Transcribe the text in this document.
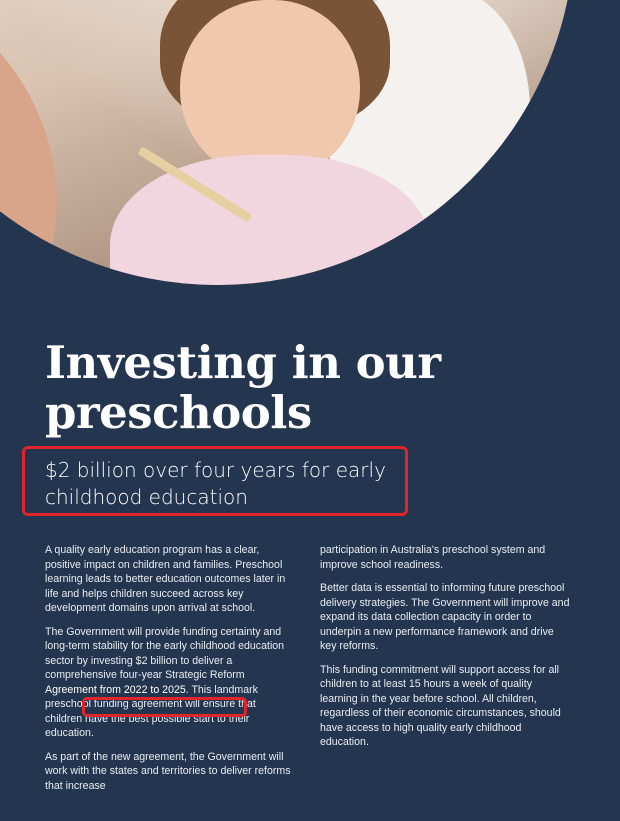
Investing in our
preschools

$2 billion over four years for early
childhood education

A quality early education program has a clear, positive impact on children and families. Preschool learning leads to better education outcomes later in life and helps children succeed across key development domains upon arrival at school.

The Government will provide funding certainty and long-term stability for the early childhood education sector by investing $2 billion to deliver a comprehensive four-year Strategic Reform Agreement from 2022 to 2025. This landmark preschool funding agreement will ensure that children have the best possible start to their education.

As part of the new agreement, the Government will work with the states and territories to deliver reforms that increase

participation in Australia's preschool system and improve school readiness.

Better data is essential to informing future preschool delivery strategies. The Government will improve and expand its data collection capacity in order to underpin a new performance framework and drive key reforms.

This funding commitment will support access for all children to at least 15 hours a week of quality learning in the year before school. All children, regardless of their economic circumstances, should have access to high quality early childhood education.
